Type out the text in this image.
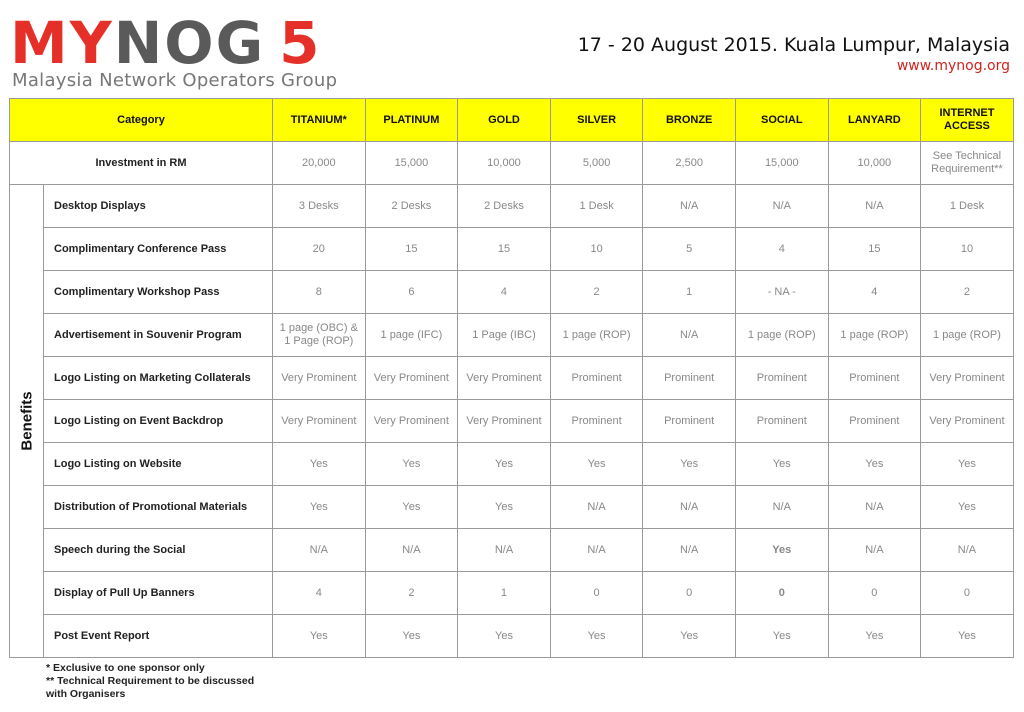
MYNOG 5
Malaysia Network Operators Group
17 - 20 August 2015. Kuala Lumpur, Malaysia
www.mynog.org
Category		TITANIUM*	PLATINUM	GOLD	SILVER	BRONZE	SOCIAL	LANYARD	INTERNET ACCESS
Investment in RM		20,000	15,000	10,000	5,000	2,500	15,000	10,000	See Technical Requirement**

Benefits	Desktop Displays	3 Desks	2 Desks	2 Desks	1 Desk	N/A	N/A	N/A	1 Desk
	Complimentary Conference Pass	20	15	15	10	5	4	15	10
	Complimentary Workshop Pass	8	6	4	2	1	- NA -	4	2
	Advertisement in Souvenir Program	1 page (OBC) & 1 Page (ROP)	1 page (IFC)	1 Page (IBC)	1 page (ROP)	N/A	1 page (ROP)	1 page (ROP)	1 page (ROP)
	Logo Listing on Marketing Collaterals	Very Prominent	Very Prominent	Very Prominent	Prominent	Prominent	Prominent	Prominent	Very Prominent
	Logo Listing on Event Backdrop	Very Prominent	Very Prominent	Very Prominent	Prominent	Prominent	Prominent	Prominent	Very Prominent
	Logo Listing on Website	Yes	Yes	Yes	Yes	Yes	Yes	Yes	Yes
	Distribution of Promotional Materials	Yes	Yes	Yes	N/A	N/A	N/A	N/A	Yes
	Speech during the Social	N/A	N/A	N/A	N/A	N/A	Yes	N/A	N/A
	Display of Pull Up Banners	4	2	1	0	0	0	0	0
	Post Event Report	Yes	Yes	Yes	Yes	Yes	Yes	Yes	Yes
* Exclusive to one sponsor only
** Technical Requirement to be discussed
with Organisers
